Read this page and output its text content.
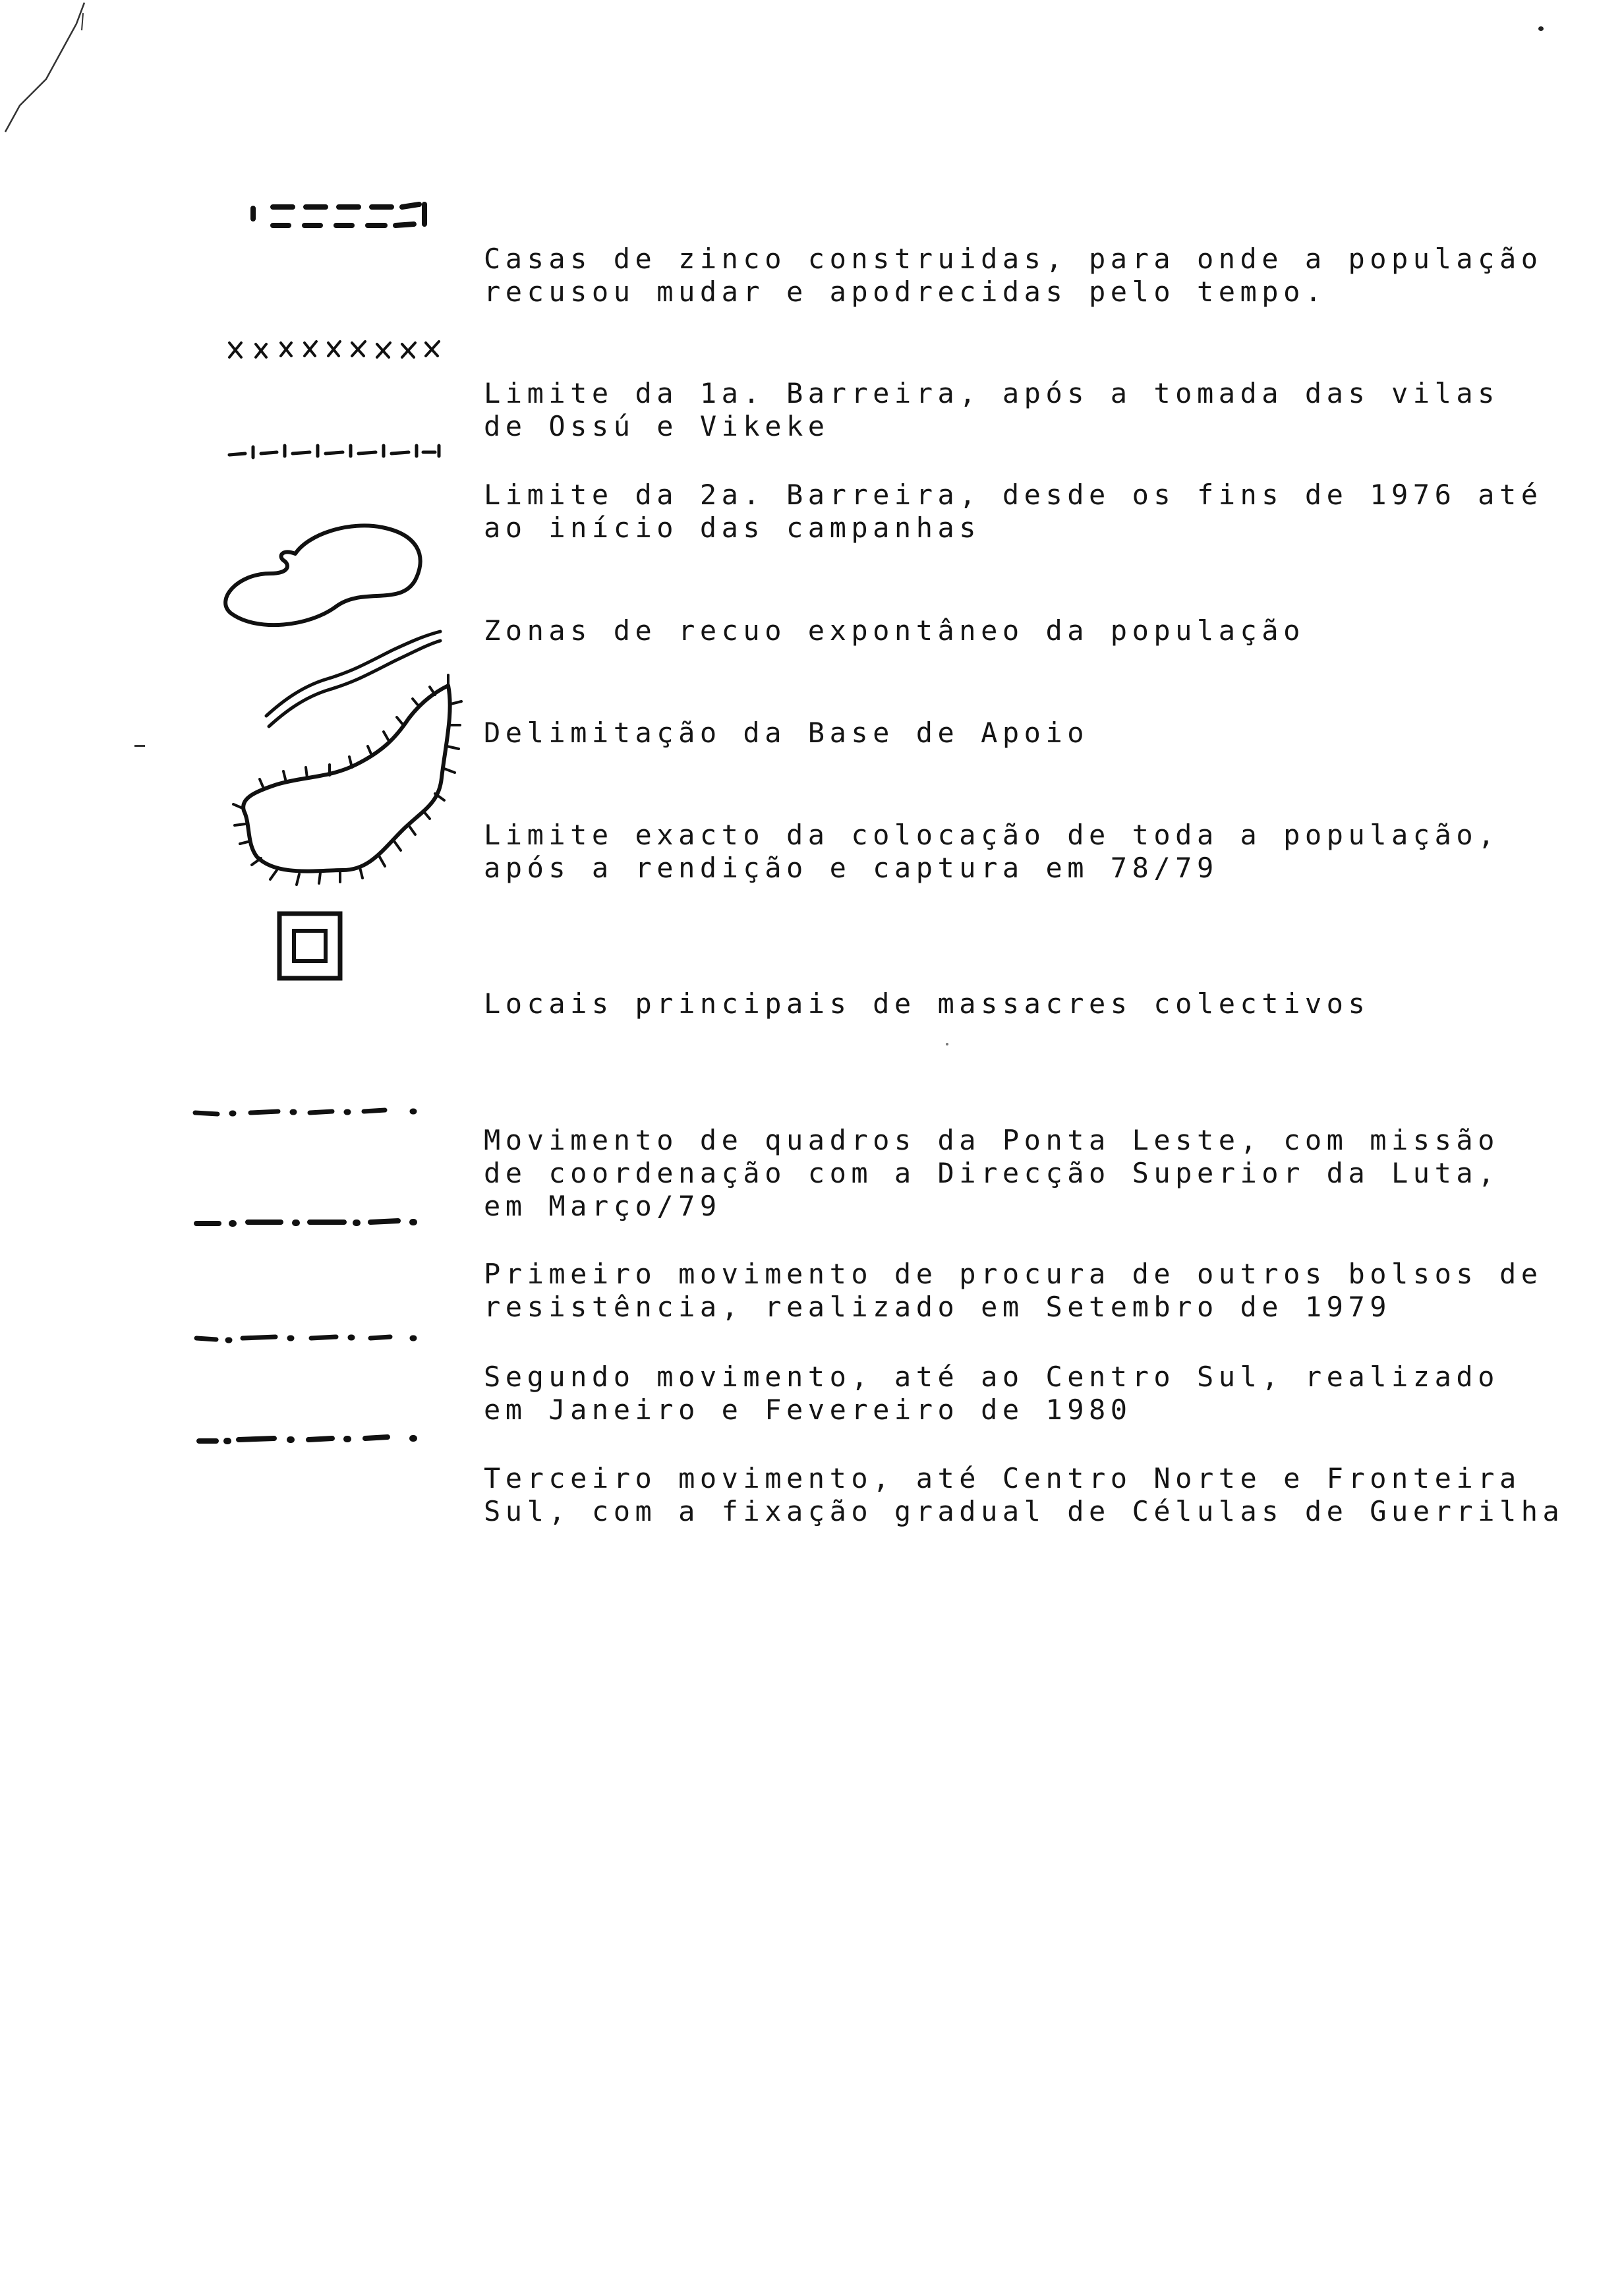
Casas de zinco construidas, para onde a população
recusou mudar e apodrecidas pelo tempo.

Limite da 1a. Barreira, após a tomada das vilas
de Ossú e Vikeke

Limite da 2a. Barreira, desde os fins de 1976 até
ao início das campanhas

Zonas de recuo expontâneo da população

Delimitação da Base de Apoio

Limite exacto da colocação de toda a população,
após a rendição e captura em 78/79

Locais principais de massacres colectivos

Movimento de quadros da Ponta Leste, com missão
de coordenação com a Direcção Superior da Luta,
em Março/79

Primeiro movimento de procura de outros bolsos de
resistência, realizado em Setembro de 1979

Segundo movimento, até ao Centro Sul, realizado
em Janeiro e Fevereiro de 1980

Terceiro movimento, até Centro Norte e Fronteira
Sul, com a fixação gradual de Células de Guerrilha
